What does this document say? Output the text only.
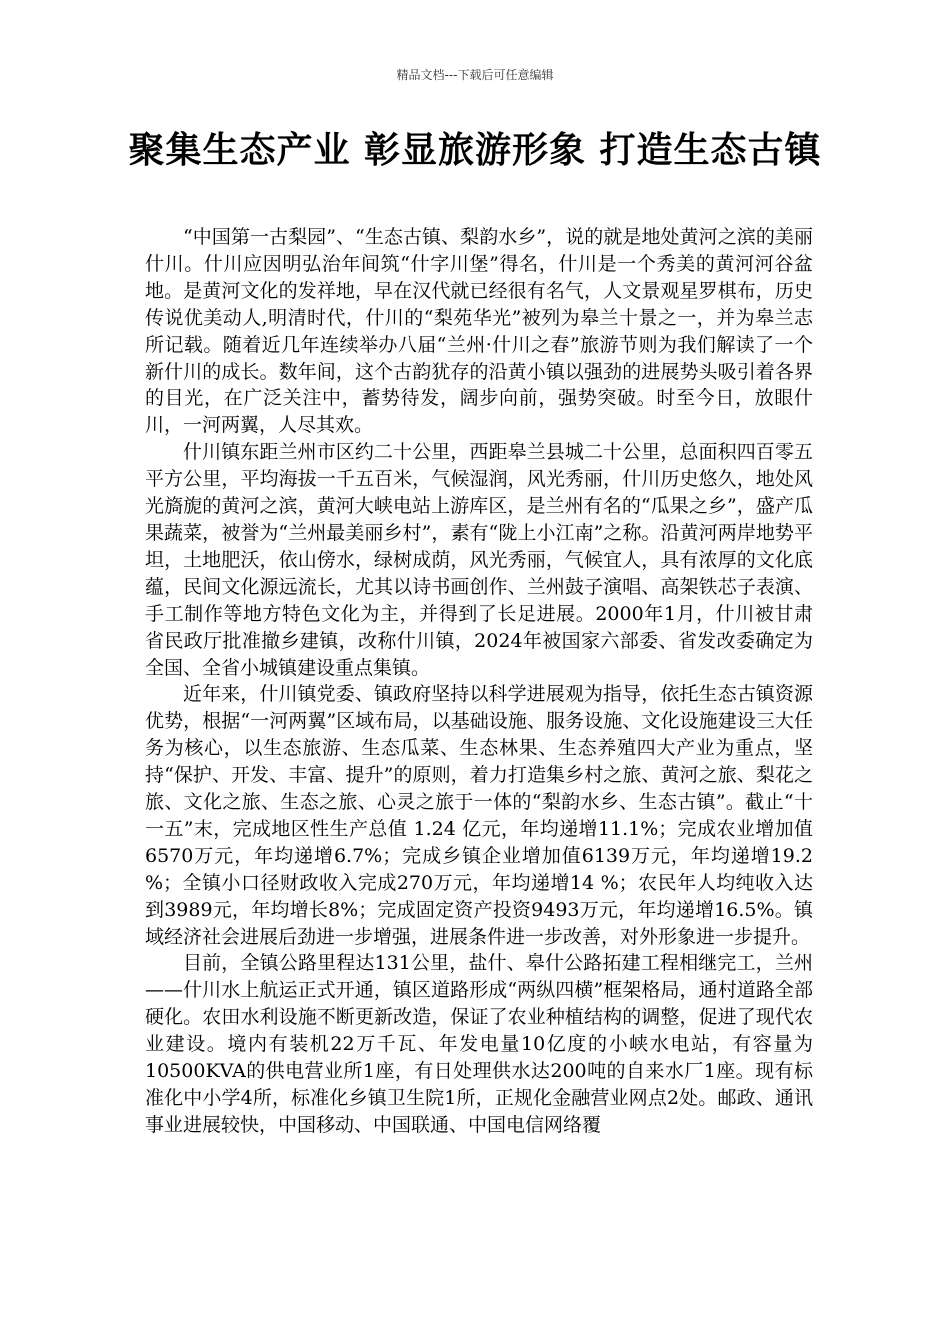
精品文档---下载后可任意编辑
聚集生态产业 彰显旅游形象 打造生态古镇

“中国第一古梨园”、“生态古镇、梨韵水乡”，说的就是地处黄河之滨的美丽什川。什川应因明弘治年间筑“什字川堡”得名，什川是一个秀美的黄河河谷盆地。是黄河文化的发祥地，早在汉代就已经很有名气，人文景观星罗棋布，历史传说优美动人,明清时代，什川的“梨苑华光”被列为皋兰十景之一，并为皋兰志所记载。随着近几年连续举办八届“兰州·什川之春”旅游节则为我们解读了一个新什川的成长。数年间，这个古韵犹存的沿黄小镇以强劲的进展势头吸引着各界的目光，在广泛关注中，蓄势待发，阔步向前，强势突破。时至今日，放眼什川，一河两翼，人尽其欢。

什川镇东距兰州市区约二十公里，西距皋兰县城二十公里，总面积四百零五平方公里，平均海拔一千五百米，气候湿润，风光秀丽，什川历史悠久，地处风光旖旎的黄河之滨，黄河大峡电站上游库区，是兰州有名的“瓜果之乡”，盛产瓜果蔬菜，被誉为“兰州最美丽乡村”，素有“陇上小江南”之称。沿黄河两岸地势平坦，土地肥沃，依山傍水，绿树成荫，风光秀丽，气候宜人，具有浓厚的文化底蕴，民间文化源远流长，尤其以诗书画创作、兰州鼓子演唱、高架铁芯子表演、手工制作等地方特色文化为主，并得到了长足进展。2000年1月，什川被甘肃省民政厅批准撤乡建镇，改称什川镇，2024年被国家六部委、省发改委确定为全国、全省小城镇建设重点集镇。

近年来，什川镇党委、镇政府坚持以科学进展观为指导，依托生态古镇资源优势，根据“一河两翼”区域布局，以基础设施、服务设施、文化设施建设三大任务为核心，以生态旅游、生态瓜菜、生态林果、生态养殖四大产业为重点，坚持“保护、开发、丰富、提升”的原则，着力打造集乡村之旅、黄河之旅、梨花之旅、文化之旅、生态之旅、心灵之旅于一体的“梨韵水乡、生态古镇”。截止“十一五”末，完成地区性生产总值 1.24 亿元，年均递增11.1%；完成农业增加值6570万元，年均递增6.7%；完成乡镇企业增加值6139万元，年均递增19.2 %；全镇小口径财政收入完成270万元，年均递增14 %；农民年人均纯收入达到3989元，年均增长8%；完成固定资产投资9493万元，年均递增16.5%。镇域经济社会进展后劲进一步增强，进展条件进一步改善，对外形象进一步提升。

目前，全镇公路里程达131公里，盐什、皋什公路拓建工程相继完工，兰州——什川水上航运正式开通，镇区道路形成“两纵四横”框架格局，通村道路全部硬化。农田水利设施不断更新改造，保证了农业种植结构的调整，促进了现代农业建设。境内有装机22万千瓦、年发电量10亿度的小峡水电站，有容量为10500KVA的供电营业所1座，有日处理供水达200吨的自来水厂1座。现有标准化中小学4所，标准化乡镇卫生院1所，正规化金融营业网点2处。邮政、通讯事业进展较快，中国移动、中国联通、中国电信网络覆
